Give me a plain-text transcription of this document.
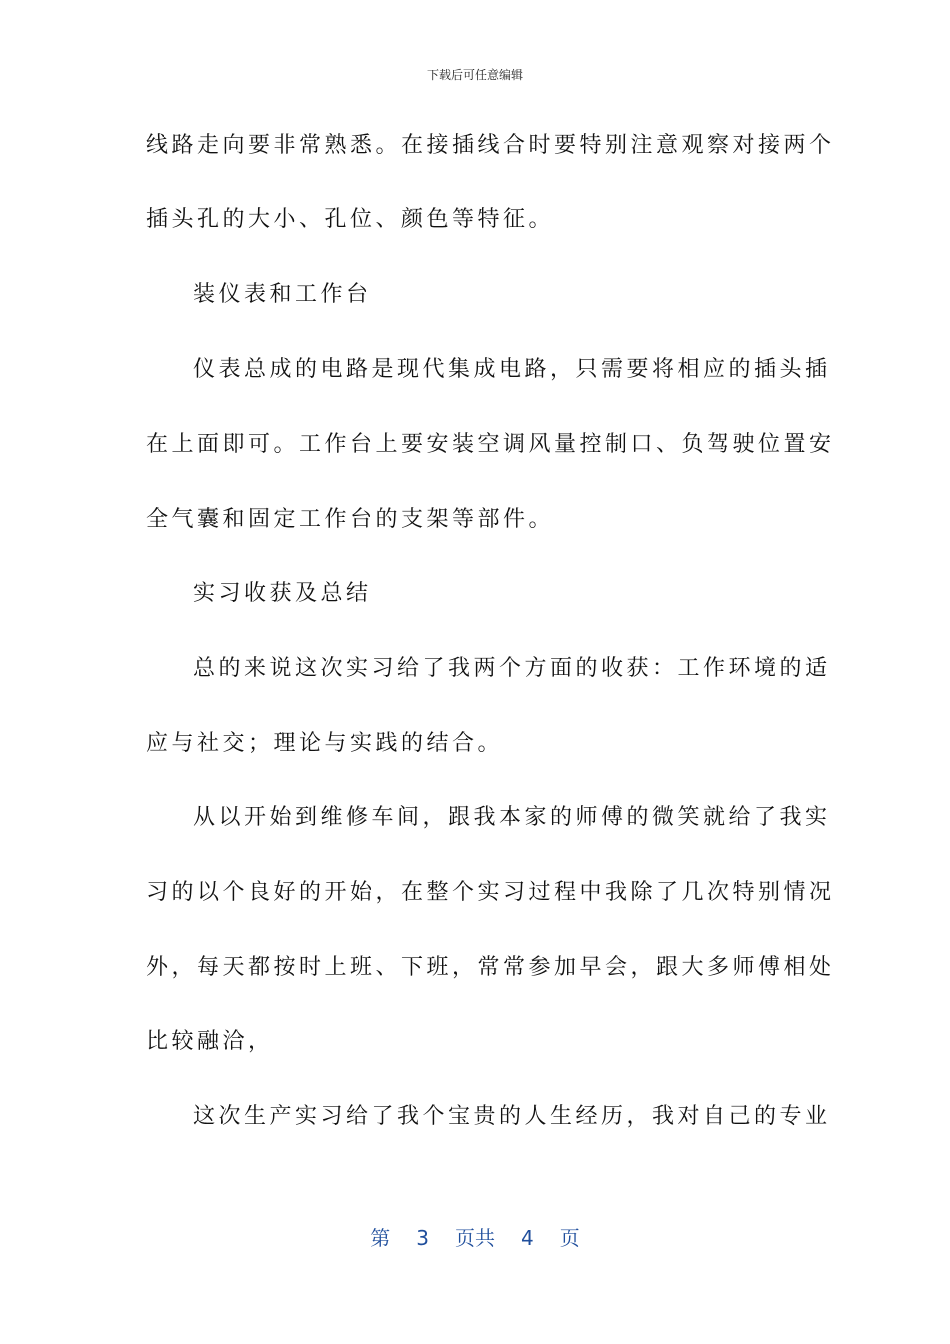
下载后可任意编辑
线路走向要非常熟悉。在接插线合时要特别注意观察对接两个
插头孔的大小、孔位、颜色等特征。
装仪表和工作台
仪表总成的电路是现代集成电路，只需要将相应的插头插
在上面即可。工作台上要安装空调风量控制口、负驾驶位置安
全气囊和固定工作台的支架等部件。
实习收获及总结
总的来说这次实习给了我两个方面的收获：工作环境的适
应与社交；理论与实践的结合。
从以开始到维修车间，跟我本家的师傅的微笑就给了我实
习的以个良好的开始，在整个实习过程中我除了几次特别情况
外，每天都按时上班、下班，常常参加早会，跟大多师傅相处
比较融洽，
这次生产实习给了我个宝贵的人生经历，我对自己的专业
第 3 页共 4 页
